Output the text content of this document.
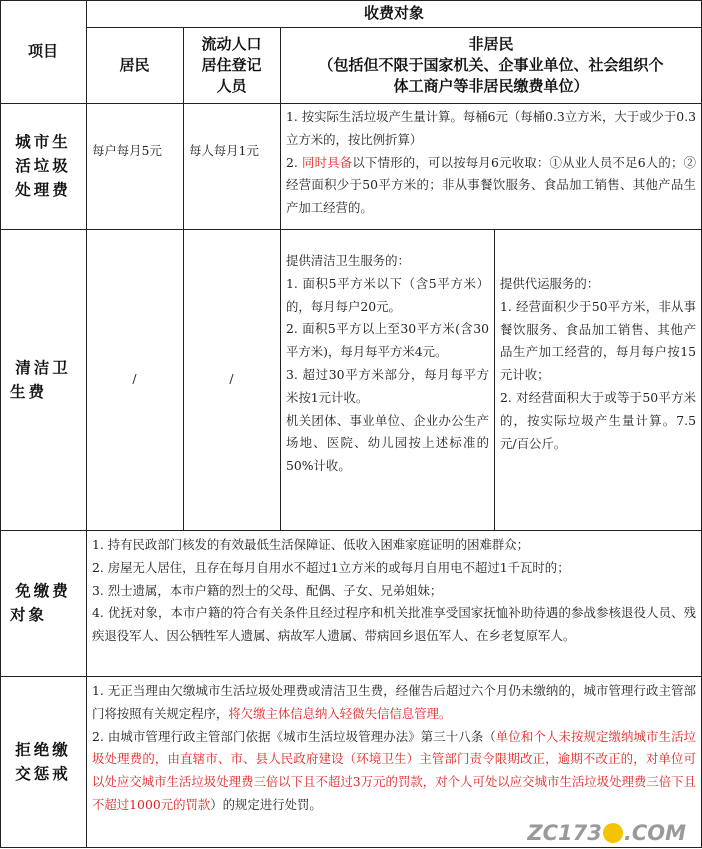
收费对象
项目
居民
流动人口
居住登记
人员
非居民
（包括但不限于国家机关、企事业单位、社会组织个
体工商户等非居民缴费单位）
城市生
活垃圾
处理费

每户每月5元	每人每月1元

1. 按实际生活垃圾产生量计算。每桶6元（每桶0.3立方米，大于或少于0.3立方米的，按比例折算）

2. 同时具备以下情形的，可以按每月6元收取：①从业人员不足6人的；②经营面积少于50平方米的；非从事餐饮服务、食品加工销售、其他产品生产加工经营的。

清洁卫
生费
/	/

提供清洁卫生服务的：

1. 面积5平方米以下（含5平方米）的，每月每户20元。

2. 面积5平方以上至30平方米(含30平方米)，每月每平方米4元。

3. 超过30平方米部分，每月每平方米按1元计收。

机关团体、事业单位、企业办公生产场地、医院、幼儿园按上述标准的50%计收。

提供代运服务的：

1. 经营面积少于50平方米，非从事餐饮服务、食品加工销售、其他产品生产加工经营的，每月每户按15元计收；

2. 对经营面积大于或等于50平方米的，按实际垃圾产生量计算。7.5元/百公斤。

免缴费
对象

1. 持有民政部门核发的有效最低生活保障证、低收入困难家庭证明的困难群众；

2. 房屋无人居住，且存在每月自用水不超过1立方米的或每月自用电不超过1千瓦时的；

3. 烈士遗属，本市户籍的烈士的父母、配偶、子女、兄弟姐妹；

4. 优抚对象，本市户籍的符合有关条件且经过程序和机关批准享受国家抚恤补助待遇的参战参核退役人员、残疾退役军人、因公牺牲军人遗属、病故军人遗属、带病回乡退伍军人、在乡老复原军人。

拒绝缴
交惩戒

1. 无正当理由欠缴城市生活垃圾处理费或清洁卫生费，经催告后超过六个月仍未缴纳的，城市管理行政主管部门将按照有关规定程序，将欠缴主体信息纳入轻微失信信息管理。

2. 由城市管理行政主管部门依据《城市生活垃圾管理办法》第三十八条（单位和个人未按规定缴纳城市生活垃圾处理费的，由直辖市、市、县人民政府建设（环境卫生）主管部门责令限期改正，逾期不改正的，对单位可以处应交城市生活垃圾处理费三倍以下且不超过3万元的罚款，对个人可处以应交城市生活垃圾处理费三倍下且不超过1000元的罚款）的规定进行处罚。

ZC173 .COM
